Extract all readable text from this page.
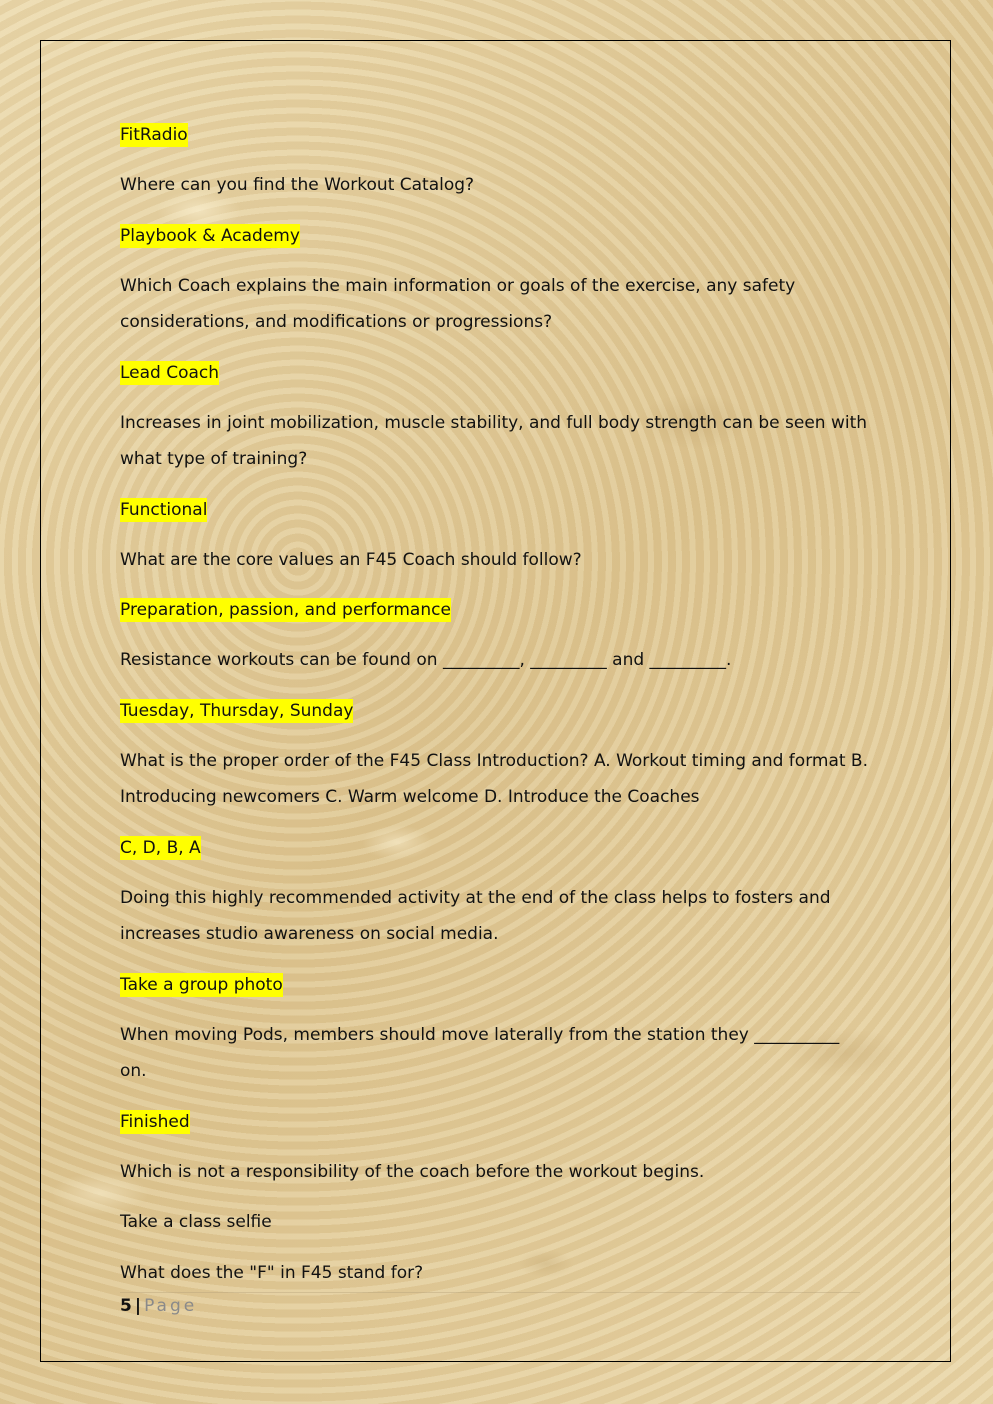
FitRadio

Where can you find the Workout Catalog?

Playbook & Academy

Which Coach explains the main information or goals of the exercise, any safety considerations, and modifications or progressions?

Lead Coach

Increases in joint mobilization, muscle stability, and full body strength can be seen with what type of training?

Functional

What are the core values an F45 Coach should follow?

Preparation, passion, and performance

Resistance workouts can be found on _________, _________ and _________.

Tuesday, Thursday, Sunday

What is the proper order of the F45 Class Introduction? A. Workout timing and format B. Introducing newcomers C. Warm welcome D. Introduce the Coaches

C, D, B, A

Doing this highly recommended activity at the end of the class helps to fosters and increases studio awareness on social media.

Take a group photo

When moving Pods, members should move laterally from the station they __________ on.

Finished

Which is not a responsibility of the coach before the workout begins.

Take a class selfie

What does the "F" in F45 stand for?

5 | Page
